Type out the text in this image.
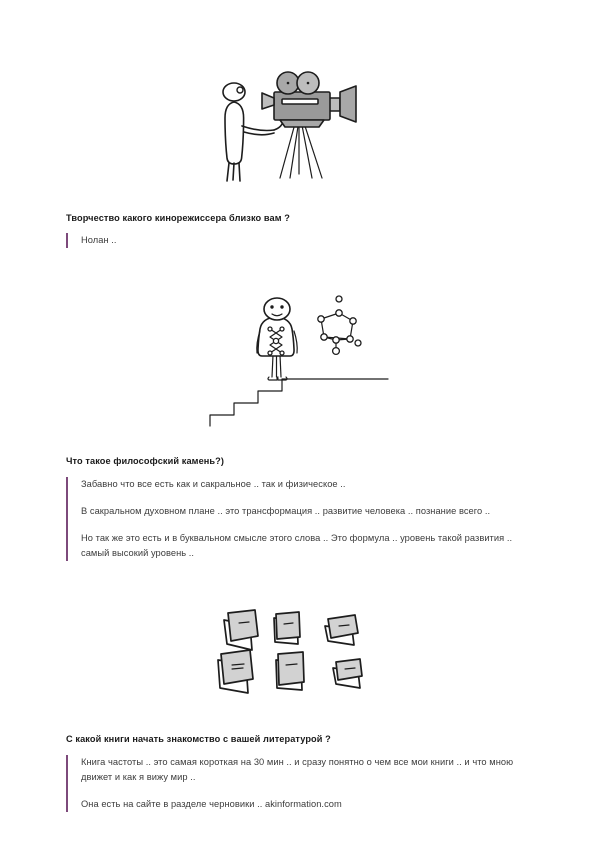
Творчество какого кинорежиссера близко вам ?

Нолан ..

Что такое философский камень?)

Забавно что все есть как и сакральное .. так и физическое ..

В сакральном духовном плане .. это трансформация .. развитие человека .. познание всего ..

Но так же это есть и в буквальном смысле этого слова .. Это формула .. уровень такой развития .. самый высокий уровень ..

С какой книги начать знакомство с вашей литературой ?

Книга частоты .. это самая короткая на 30 мин .. и сразу понятно о чем все мои книги .. и что мною движет и как я вижу мир ..

Она есть на сайте в разделе черновики .. akinformation.com
